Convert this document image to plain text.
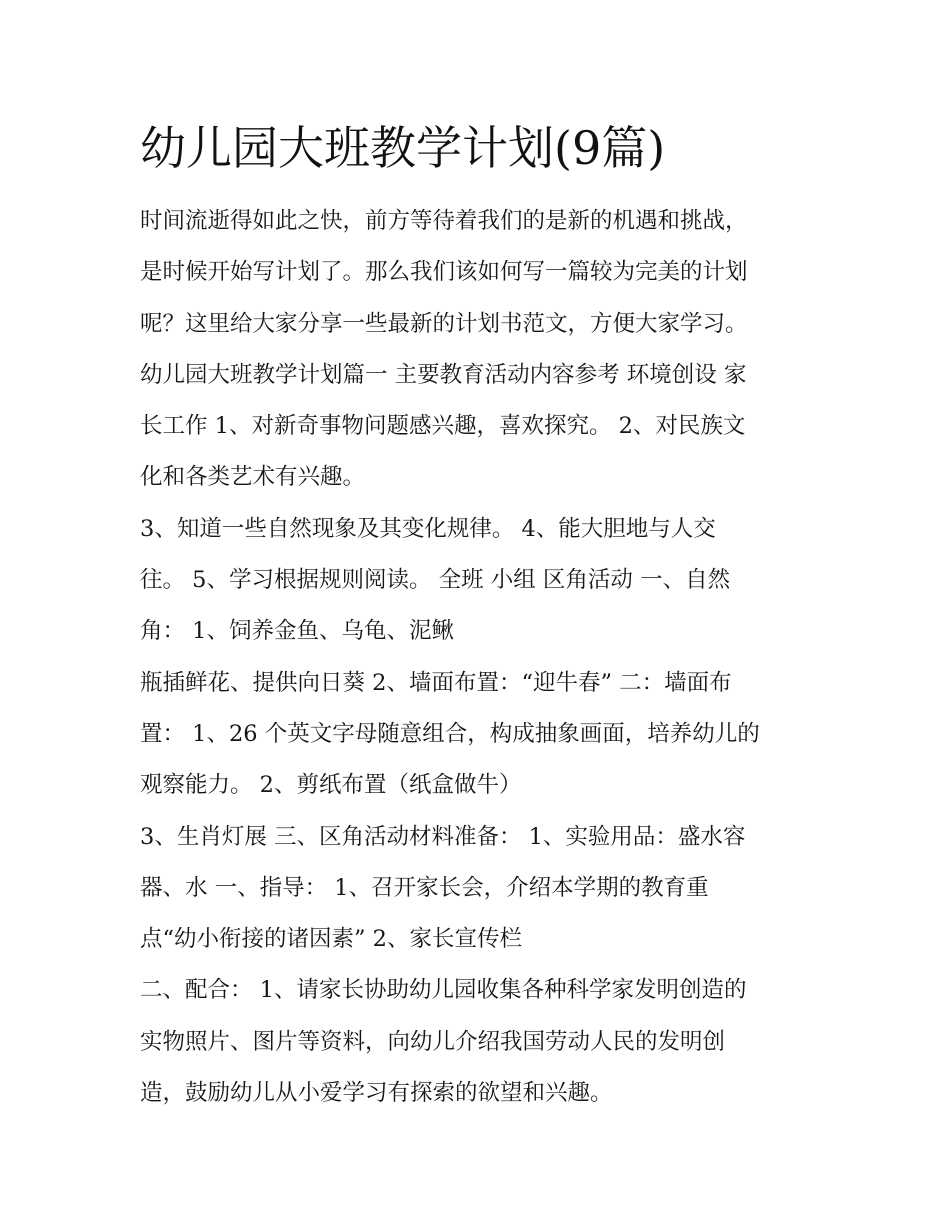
幼儿园大班教学计划(9篇)
时间流逝得如此之快，前方等待着我们的是新的机遇和挑战，
是时候开始写计划了。那么我们该如何写一篇较为完美的计划
呢？这里给大家分享一些最新的计划书范文，方便大家学习。
幼儿园大班教学计划篇一 主要教育活动内容参考 环境创设 家
长工作 1、对新奇事物问题感兴趣，喜欢探究。 2、对民族文
化和各类艺术有兴趣。
3、知道一些自然现象及其变化规律。 4、能大胆地与人交
往。 5、学习根据规则阅读。 全班 小组 区角活动 一、自然
角： 1、饲养金鱼、乌龟、泥鳅
瓶插鲜花、提供向日葵 2、墙面布置：“迎牛春” 二：墙面布
置： 1、26 个英文字母随意组合，构成抽象画面，培养幼儿的
观察能力。 2、剪纸布置（纸盒做牛）
3、生肖灯展 三、区角活动材料准备： 1、实验用品：盛水容
器、水 一、指导： 1、召开家长会，介绍本学期的教育重
点“幼小衔接的诸因素” 2、家长宣传栏
二、配合： 1、请家长协助幼儿园收集各种科学家发明创造的
实物照片、图片等资料，向幼儿介绍我国劳动人民的发明创
造，鼓励幼儿从小爱学习有探索的欲望和兴趣。
